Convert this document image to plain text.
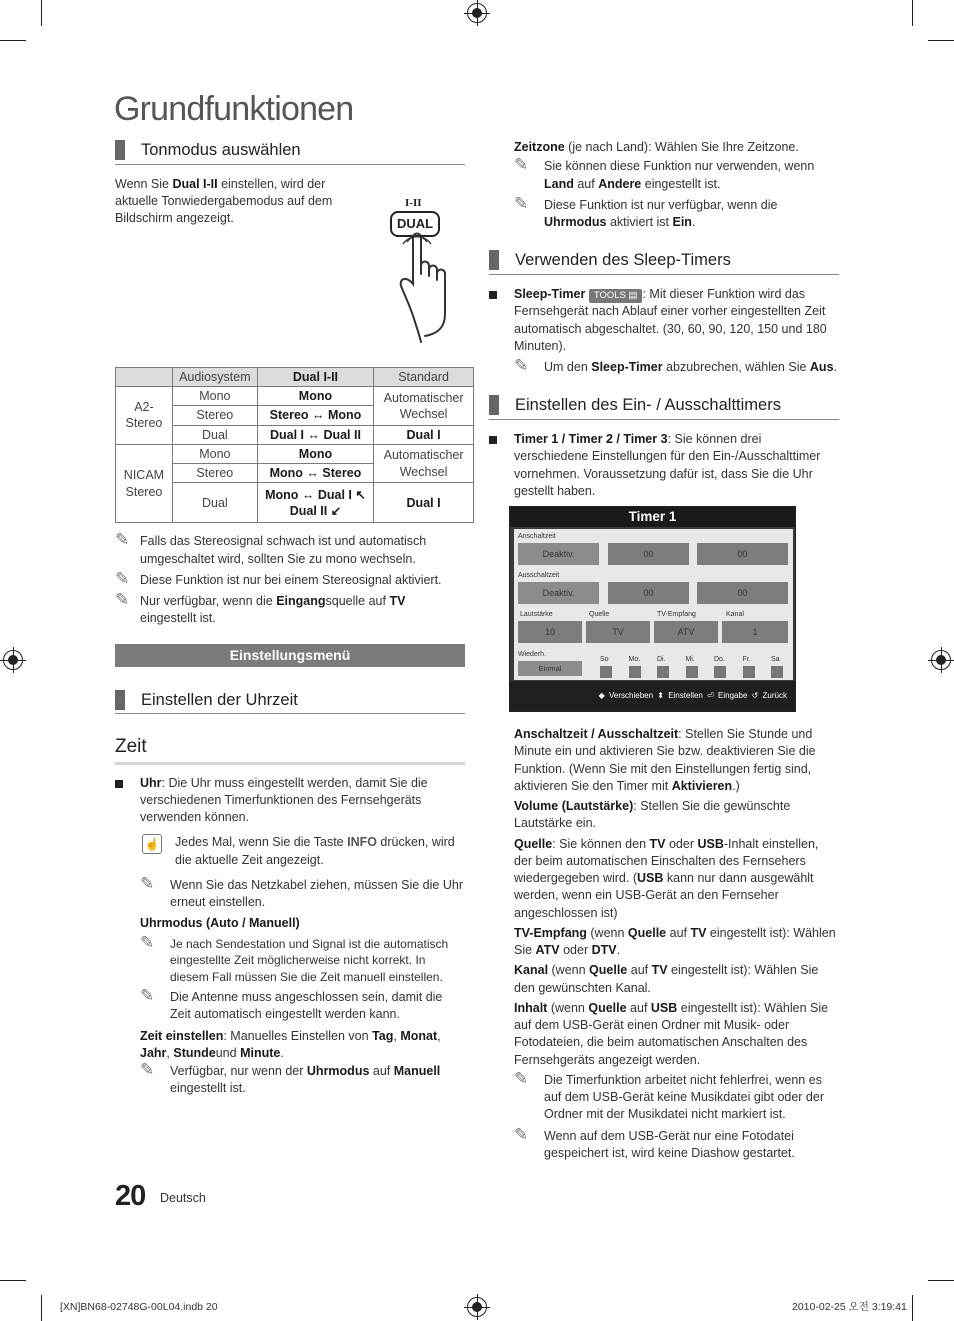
Grundfunktionen
Tonmodus auswählen

Wenn Sie Dual I-II einstellen, wird der aktuelle Tonwiedergabemodus auf dem Bildschirm angezeigt.

I-II
DUAL
	Audiosystem	Dual I-II	Standard
A2-Stereo	Mono	Mono	Automatischer Wechsel
	Stereo	Stereo ↔ Mono	
	Dual	Dual I ↔ Dual II	Dual I
NICAM Stereo	Mono	Mono	Automatischer Wechsel
	Stereo	Mono ↔ Stereo	
	Dual	Mono ↔ Dual I ↖ Dual II ↙	Dual I
✎ Falls das Stereosignal schwach ist und automatisch umgeschaltet wird, sollten Sie zu mono wechseln.
✎ Diese Funktion ist nur bei einem Stereosignal aktiviert.
✎ Nur verfügbar, wenn die Eingangsquelle auf TV eingestellt ist.
Einstellungsmenü
Einstellen der Uhrzeit
Zeit
Uhr: Die Uhr muss eingestellt werden, damit Sie die verschiedenen Timerfunktionen des Fernsehgeräts verwenden können.
☝ Jedes Mal, wenn Sie die Taste INFO drücken, wird die aktuelle Zeit angezeigt.
✎ Wenn Sie das Netzkabel ziehen, müssen Sie die Uhr erneut einstellen.
Uhrmodus (Auto / Manuell)
✎ Je nach Sendestation und Signal ist die automatisch eingestellte Zeit möglicherweise nicht korrekt. In diesem Fall müssen Sie die Zeit manuell einstellen.
✎ Die Antenne muss angeschlossen sein, damit die Zeit automatisch eingestellt werden kann.
Zeit einstellen: Manuelles Einstellen von Tag, Monat, Jahr, Stundeund Minute.
✎ Verfügbar, nur wenn der Uhrmodus auf Manuell eingestellt ist.
Zeitzone (je nach Land): Wählen Sie Ihre Zeitzone.
✎ Sie können diese Funktion nur verwenden, wenn Land auf Andere eingestellt ist.
✎ Diese Funktion ist nur verfügbar, wenn die Uhrmodus aktiviert ist Ein.
Verwenden des Sleep-Timers
Sleep-Timer TOOLS ▤ : Mit dieser Funktion wird das Fernsehgerät nach Ablauf einer vorher eingestellten Zeit automatisch abgeschaltet. (30, 60, 90, 120, 150 und 180 Minuten).
✎ Um den Sleep-Timer abzubrechen, wählen Sie Aus.
Einstellen des Ein- / Ausschalttimers
Timer 1 / Timer 2 / Timer 3: Sie können drei verschiedene Einstellungen für den Ein-/Ausschalttimer vornehmen. Voraussetzung dafür ist, dass Sie die Uhr gestellt haben.
Timer 1
Anschaltzeit
Deaktiv.	00	00
Ausschaltzeit
Deaktiv.	00	00
Lautstärke	Quelle	TV-Empfang	Kanal
10	TV	ATV	1
Wiederh.
Einmal
So	Mo. Di.	Mi.	Do.	Fr.	Sa
◆ Verschieben ⬍ Einstellen ⏎ Eingabe ↺ Zurück
Anschaltzeit / Ausschaltzeit: Stellen Sie Stunde und Minute ein und aktivieren Sie bzw. deaktivieren Sie die Funktion. (Wenn Sie mit den Einstellungen fertig sind, aktivieren Sie den Timer mit Aktivieren.)
Volume (Lautstärke): Stellen Sie die gewünschte Lautstärke ein.
Quelle: Sie können den TV oder USB-Inhalt einstellen, der beim automatischen Einschalten des Fernsehers wiedergegeben wird. (USB kann nur dann ausgewählt werden, wenn ein USB-Gerät an den Fernseher angeschlossen ist)
TV-Empfang (wenn Quelle auf TV eingestellt ist): Wählen Sie ATV oder DTV.
Kanal (wenn Quelle auf TV eingestellt ist): Wählen Sie den gewünschten Kanal.
Inhalt (wenn Quelle auf USB eingestellt ist): Wählen Sie auf dem USB-Gerät einen Ordner mit Musik- oder Fotodateien, die beim automatischen Anschalten des Fernsehgeräts angezeigt werden.
✎ Die Timerfunktion arbeitet nicht fehlerfrei, wenn es auf dem USB-Gerät keine Musikdatei gibt oder der Ordner mit der Musikdatei nicht markiert ist.
✎ Wenn auf dem USB-Gerät nur eine Fotodatei gespeichert ist, wird keine Diashow gestartet.
20 Deutsch
[XN]BN68-02748G-00L04.indb 20	2010-02-25 오전 3:19:41
